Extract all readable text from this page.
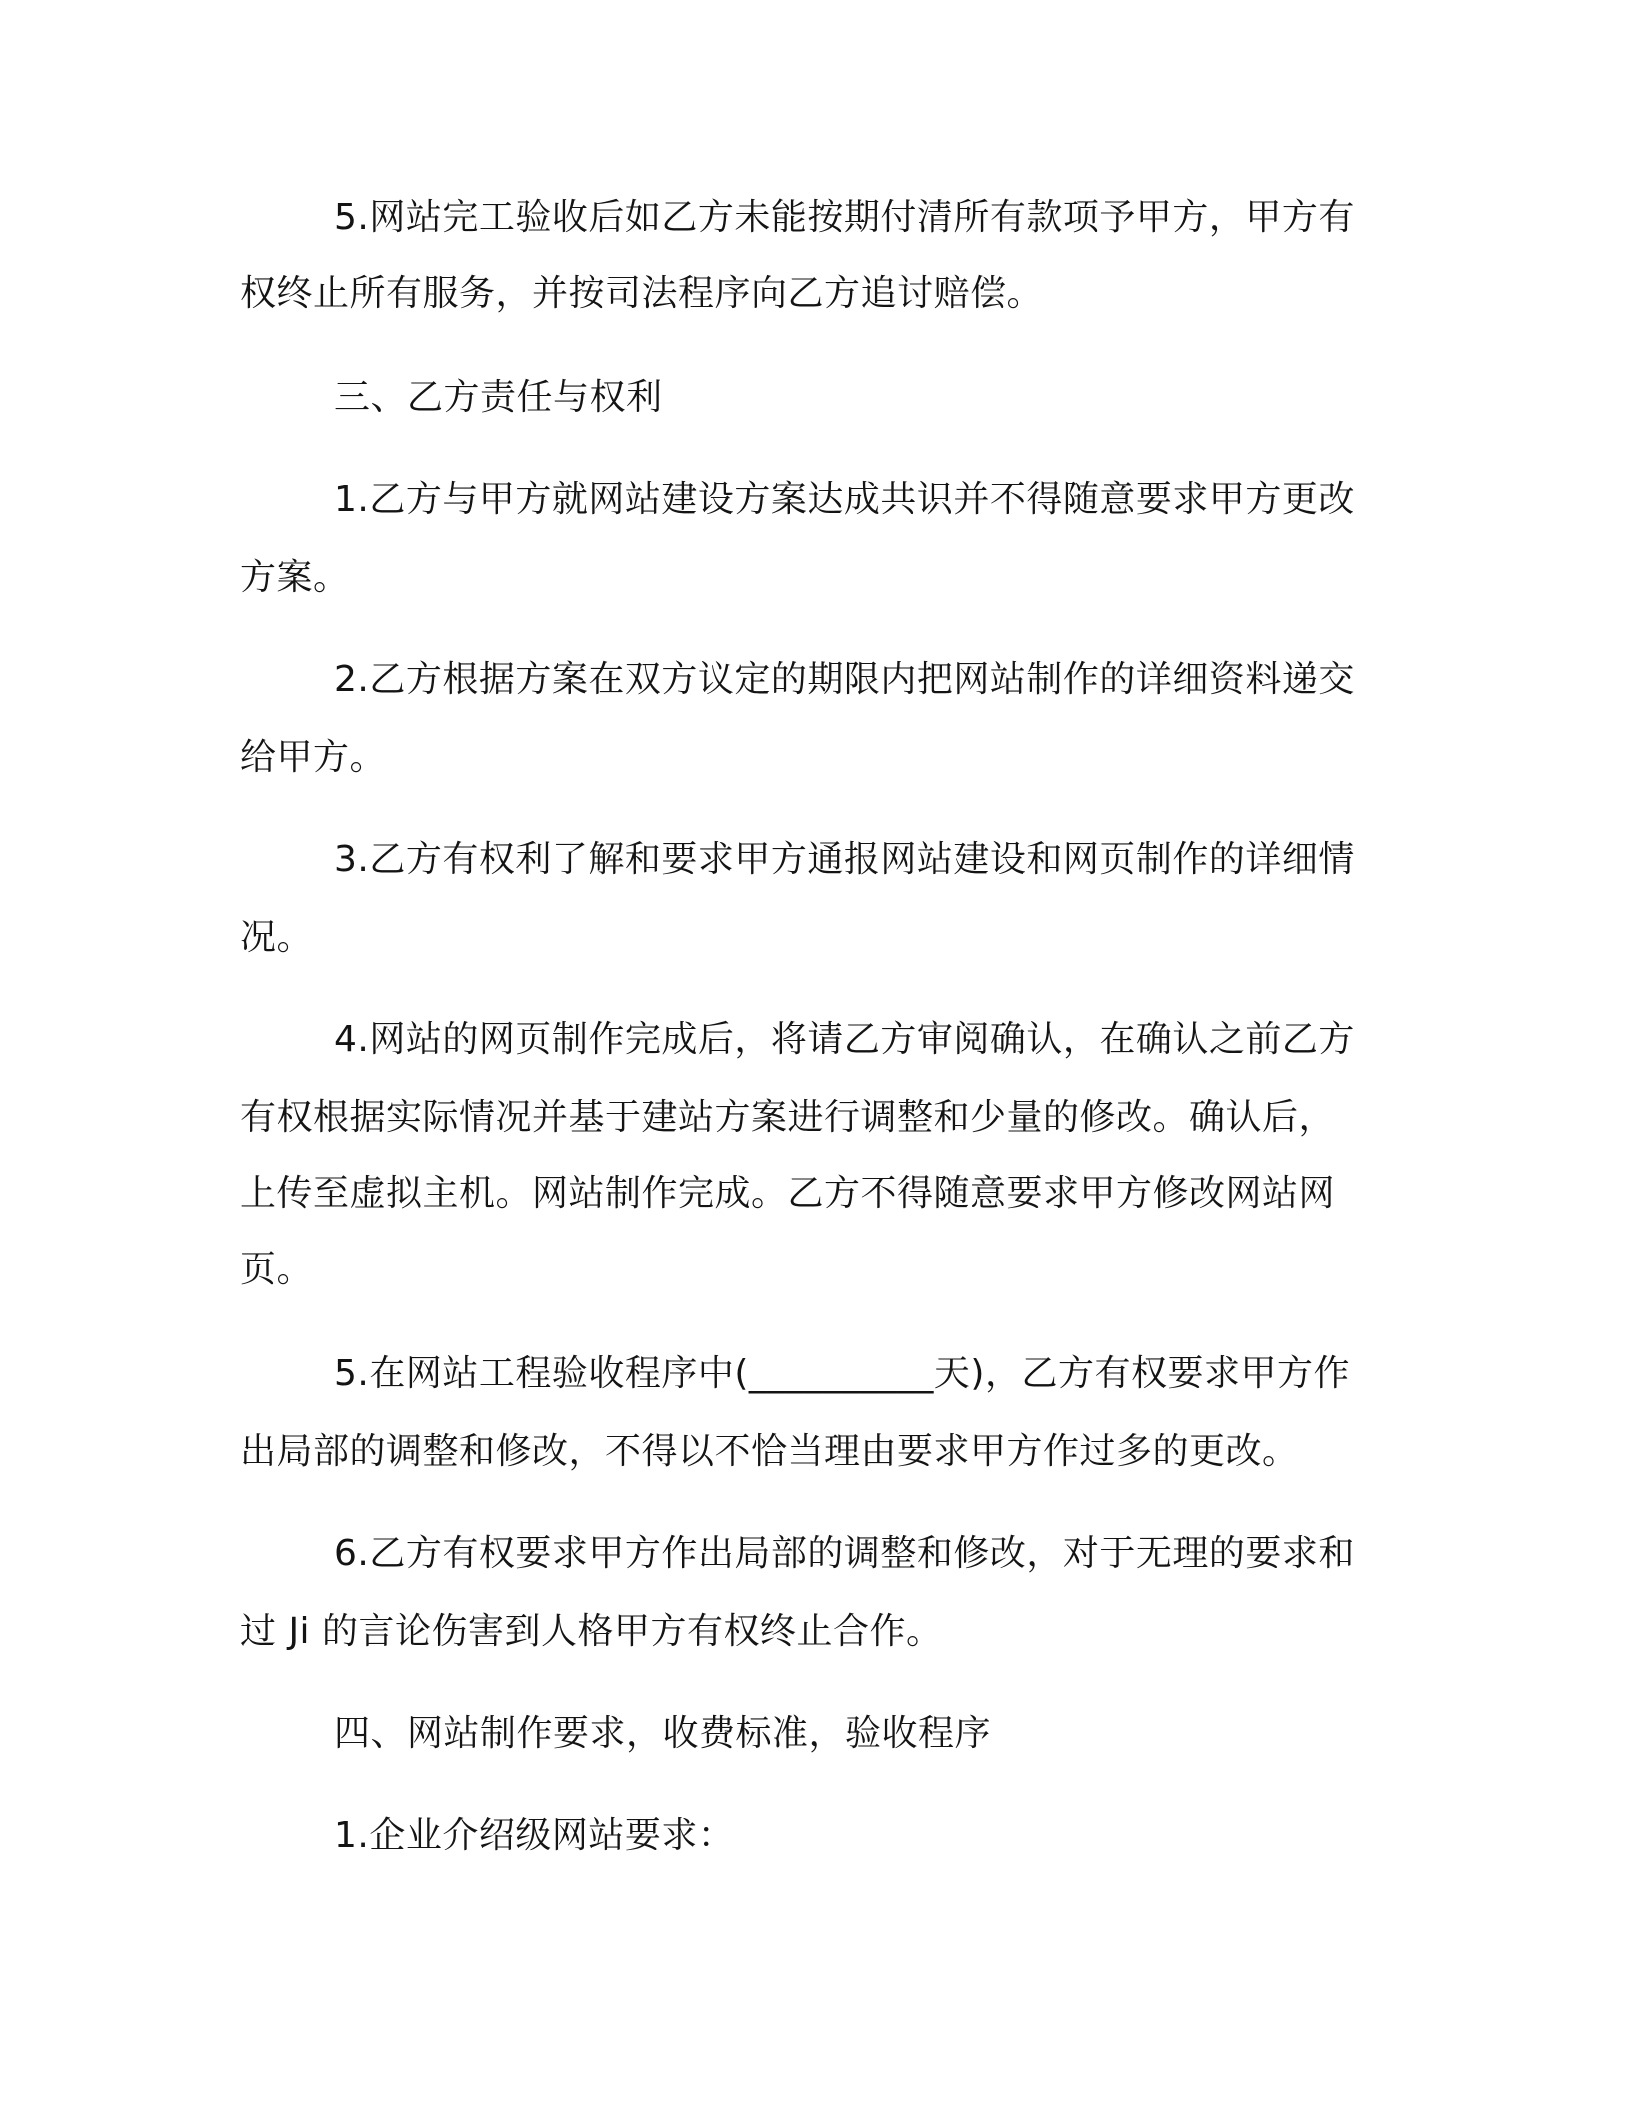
5.网站完工验收后如乙方未能按期付清所有款项予甲方，甲方有

权终止所有服务，并按司法程序向乙方追讨赔偿。

三、乙方责任与权利

1.乙方与甲方就网站建设方案达成共识并不得随意要求甲方更改

方案。

2.乙方根据方案在双方议定的期限内把网站制作的详细资料递交

给甲方。

3.乙方有权利了解和要求甲方通报网站建设和网页制作的详细情

况。

4.网站的网页制作完成后，将请乙方审阅确认，在确认之前乙方

有权根据实际情况并基于建站方案进行调整和少量的修改。确认后，

上传至虚拟主机。网站制作完成。乙方不得随意要求甲方修改网站网

页。

5.在网站工程验收程序中(__________天)，乙方有权要求甲方作

出局部的调整和修改，不得以不恰当理由要求甲方作过多的更改。

6.乙方有权要求甲方作出局部的调整和修改，对于无理的要求和

过 Ji 的言论伤害到人格甲方有权终止合作。

四、网站制作要求，收费标准，验收程序

1.企业介绍级网站要求：
